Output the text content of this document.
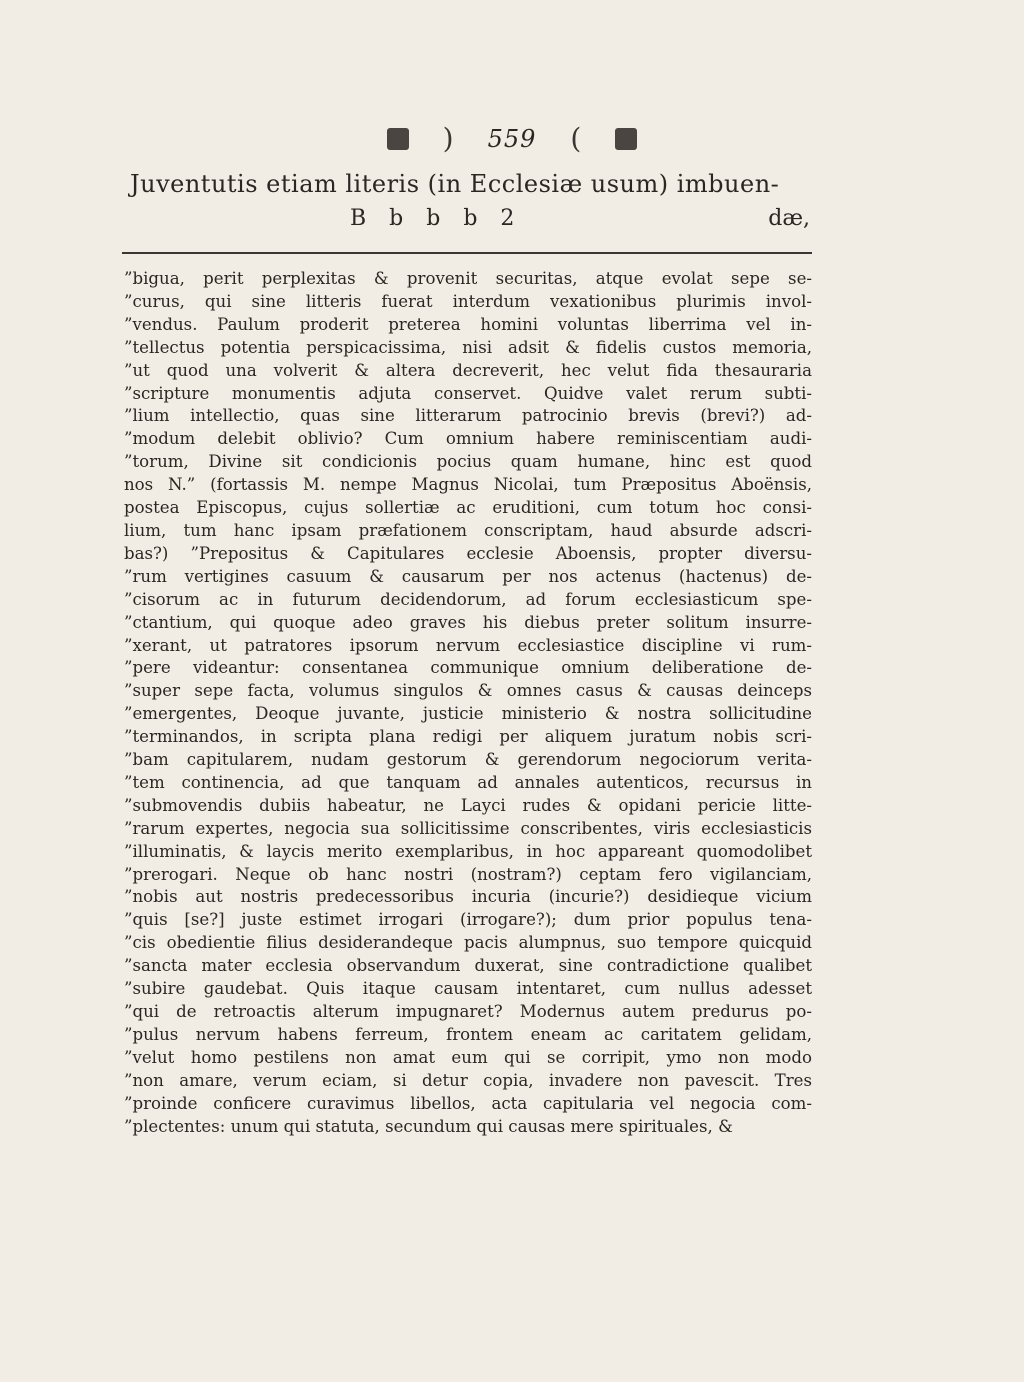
) 559 (
Juventutis etiam literis (in Ecclesiæ usum) imbuen-
B b b b 2	dæ,
”bigua, perit perplexitas & provenit securitas, atque evolat sepe se-
”curus, qui sine litteris fuerat interdum vexationibus plurimis invol-
”vendus. Paulum proderit preterea homini voluntas liberrima vel in-
”tellectus potentia perspicacissima, nisi adsit & fidelis custos memoria,
”ut quod una volverit & altera decreverit, hec velut fida thesauraria
”scripture monumentis adjuta conservet. Quidve valet rerum subti-
”lium intellectio, quas sine litterarum patrocinio brevis (brevi?) ad-
”modum delebit oblivio? Cum omnium habere reminiscentiam audi-
”torum, Divine sit condicionis pocius quam humane, hinc est quod
nos N.” (fortassis M. nempe Magnus Nicolai, tum Præpositus Aboënsis,
postea Episcopus, cujus sollertiæ ac eruditioni, cum totum hoc consi-
lium, tum hanc ipsam præfationem conscriptam, haud absurde adscri-
bas?) ”Prepositus & Capitulares ecclesie Aboensis, propter diversu-
”rum vertigines casuum & causarum per nos actenus (hactenus) de-
”cisorum ac in futurum decidendorum, ad forum ecclesiasticum spe-
”ctantium, qui quoque adeo graves his diebus preter solitum insurre-
”xerant, ut patratores ipsorum nervum ecclesiastice discipline vi rum-
”pere videantur: consentanea communique omnium deliberatione de-
”super sepe facta, volumus singulos & omnes casus & causas deinceps
”emergentes, Deoque juvante, justicie ministerio & nostra sollicitudine
”terminandos, in scripta plana redigi per aliquem juratum nobis scri-
”bam capitularem, nudam gestorum & gerendorum negociorum verita-
”tem continencia, ad que tanquam ad annales autenticos, recursus in
”submovendis dubiis habeatur, ne Layci rudes & opidani pericie litte-
”rarum expertes, negocia sua sollicitissime conscribentes, viris ecclesiasticis
”illuminatis, & laycis merito exemplaribus, in hoc appareant quomodolibet
”prerogari. Neque ob hanc nostri (nostram?) ceptam fero vigilanciam,
”nobis aut nostris predecessoribus incuria (incurie?) desidieque vicium
”quis [se?] juste estimet irrogari (irrogare?); dum prior populus tena-
”cis obedientie filius desiderandeque pacis alumpnus, suo tempore quicquid
”sancta mater ecclesia observandum duxerat, sine contradictione qualibet
”subire gaudebat. Quis itaque causam intentaret, cum nullus adesset
”qui de retroactis alterum impugnaret? Modernus autem predurus po-
”pulus nervum habens ferreum, frontem eneam ac caritatem gelidam,
”velut homo pestilens non amat eum qui se corripit, ymo non modo
”non amare, verum eciam, si detur copia, invadere non pavescit. Tres
”proinde conficere curavimus libellos, acta capitularia vel negocia com-
”plectentes: unum qui statuta, secundum qui causas mere spirituales, &
